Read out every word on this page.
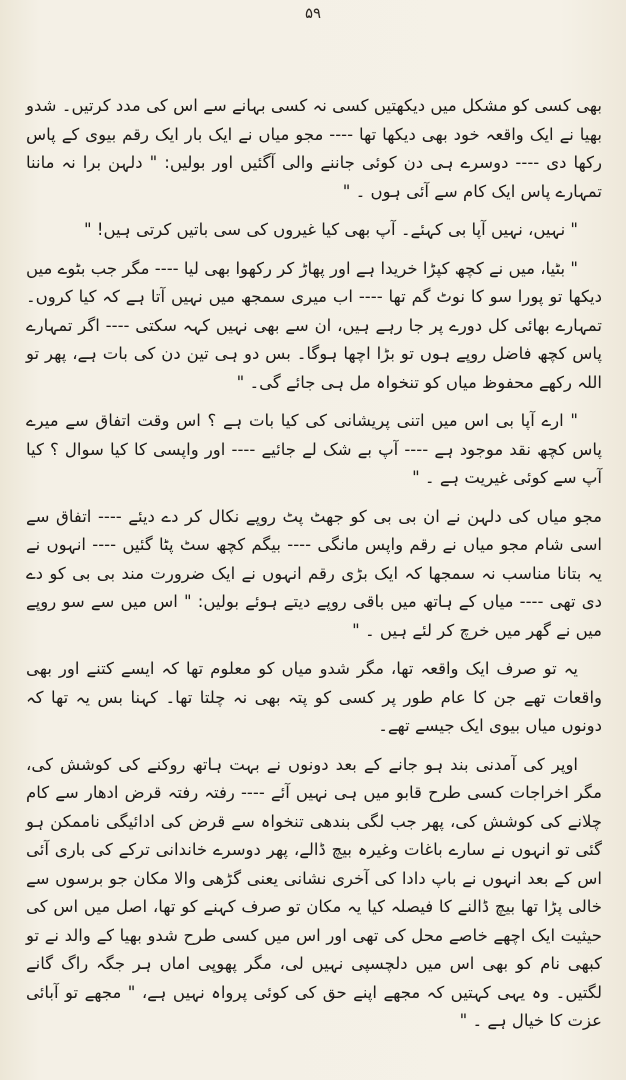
۵۹

بھی کسی کو مشکل میں دیکھتیں کسی نہ کسی بہانے سے اس کی مدد کرتیں۔ شدو بھیا نے ایک واقعہ خود بھی دیکھا تھا ---- مجو میاں نے ایک بار ایک رقم بیوی کے پاس رکھا دی ---- دوسرے ہی دن کوئی جاننے والی آگئیں اور بولیں: " دلہن برا نہ ماننا تمہارے پاس ایک کام سے آئی ہوں ۔ "

" نہیں، نہیں آپا بی کہئے۔ آپ بھی کیا غیروں کی سی باتیں کرتی ہیں! "

" بٹیا، میں نے کچھ کپڑا خریدا ہے اور پھاڑ کر رکھوا بھی لیا ---- مگر جب بٹوے میں دیکھا تو پورا سو کا نوٹ گم تھا ---- اب میری سمجھ میں نہیں آتا ہے کہ کیا کروں۔ تمہارے بھائی کل دورے پر جا رہے ہیں، ان سے بھی نہیں کہہ سکتی ---- اگر تمہارے پاس کچھ فاضل روپے ہوں تو بڑا اچھا ہوگا۔ بس دو ہی تین دن کی بات ہے، پھر تو اللہ رکھے محفوظ میاں کو تنخواہ مل ہی جائے گی۔ "

" ارے آپا بی اس میں اتنی پریشانی کی کیا بات ہے ؟ اس وقت اتفاق سے میرے پاس کچھ نقد موجود ہے ---- آپ بے شک لے جائیے ---- اور واپسی کا کیا سوال ؟ کیا آپ سے کوئی غیریت ہے ۔ "

مجو میاں کی دلہن نے ان بی بی کو جھٹ پٹ روپے نکال کر دے دیئے ---- اتفاق سے اسی شام مجو میاں نے رقم واپس مانگی ---- بیگم کچھ سٹ پٹا گئیں ---- انہوں نے یہ بتانا مناسب نہ سمجھا کہ ایک بڑی رقم انہوں نے ایک ضرورت مند بی بی کو دے دی تھی ---- میاں کے ہاتھ میں باقی روپے دیتے ہوئے بولیں: " اس میں سے سو روپے میں نے گھر میں خرچ کر لئے ہیں ۔ "

یہ تو صرف ایک واقعہ تھا، مگر شدو میاں کو معلوم تھا کہ ایسے کتنے اور بھی واقعات تھے جن کا عام طور پر کسی کو پتہ بھی نہ چلتا تھا۔ کہنا بس یہ تھا کہ دونوں میاں بیوی ایک جیسے تھے۔

اوپر کی آمدنی بند ہو جانے کے بعد دونوں نے بہت ہاتھ روکنے کی کوشش کی، مگر اخراجات کسی طرح قابو میں ہی نہیں آئے ---- رفتہ رفتہ قرض ادھار سے کام چلانے کی کوشش کی، پھر جب لگی بندھی تنخواہ سے قرض کی ادائیگی ناممکن ہو گئی تو انہوں نے سارے باغات وغیرہ بیچ ڈالے، پھر دوسرے خاندانی ترکے کی باری آئی اس کے بعد انہوں نے باپ دادا کی آخری نشانی یعنی گڑھی والا مکان جو برسوں سے خالی پڑا تھا بیچ ڈالنے کا فیصلہ کیا یہ مکان تو صرف کہنے کو تھا، اصل میں اس کی حیثیت ایک اچھے خاصے محل کی تھی اور اس میں کسی طرح شدو بھیا کے والد نے تو کبھی نام کو بھی اس میں دلچسپی نہیں لی، مگر پھوپی اماں ہر جگہ راگ گانے لگتیں۔ وہ یہی کہتیں کہ مجھے اپنے حق کی کوئی پرواہ نہیں ہے، " مجھے تو آبائی عزت کا خیال ہے ۔ "
